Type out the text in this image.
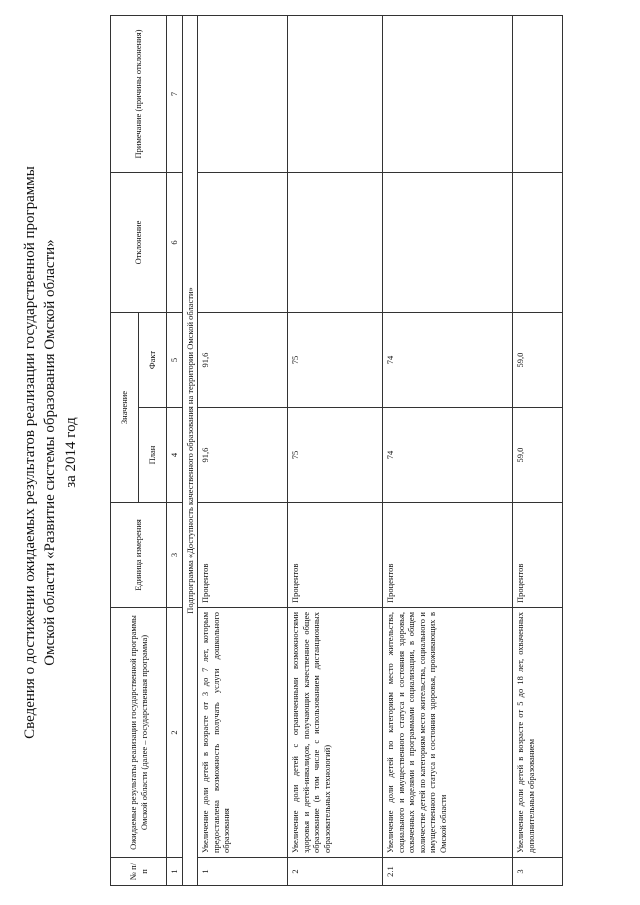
Сведения о достижении ожидаемых результатов реализации государственной программы Омской области «Развитие системы образования Омской области» за 2014 год
№ п/п	Ожидаемые результаты реализации государственной программы Омской области (далее – государственная программа)	Единица измерения	Значение		Отклонение	Примечание (причины отклонения)
			План	Факт		
1	2	3	4	5	6	7
Подпрограмма «Доступность качественного образования на территории Омской области»						
1	Увеличение доли детей в возрасте от 3 до 7 лет, которым предоставлена возможность получать услуги дошкольного образования	Процентов	91,6	91,6		
2	Увеличение доли детей с ограниченными возможностями здоровья и детей-инвалидов, получающих качественное общее образование (в том числе с использованием дистанционных образовательных технологий)	Процентов	75	75		
2.1	Увеличение доли детей по категориям место жительства, социального и имущественного статуса и состояния здоровья, охваченных моделями и программами социализации, в общем количестве детей по категориям место жительства, социального и имущественного статуса и состояния здоровья, проживающих в Омской области	Процентов	74	74		
3	Увеличение доли детей в возрасте от 5 до 18 лет, охваченных дополнительным образованием	Процентов	59,0	59,0		
